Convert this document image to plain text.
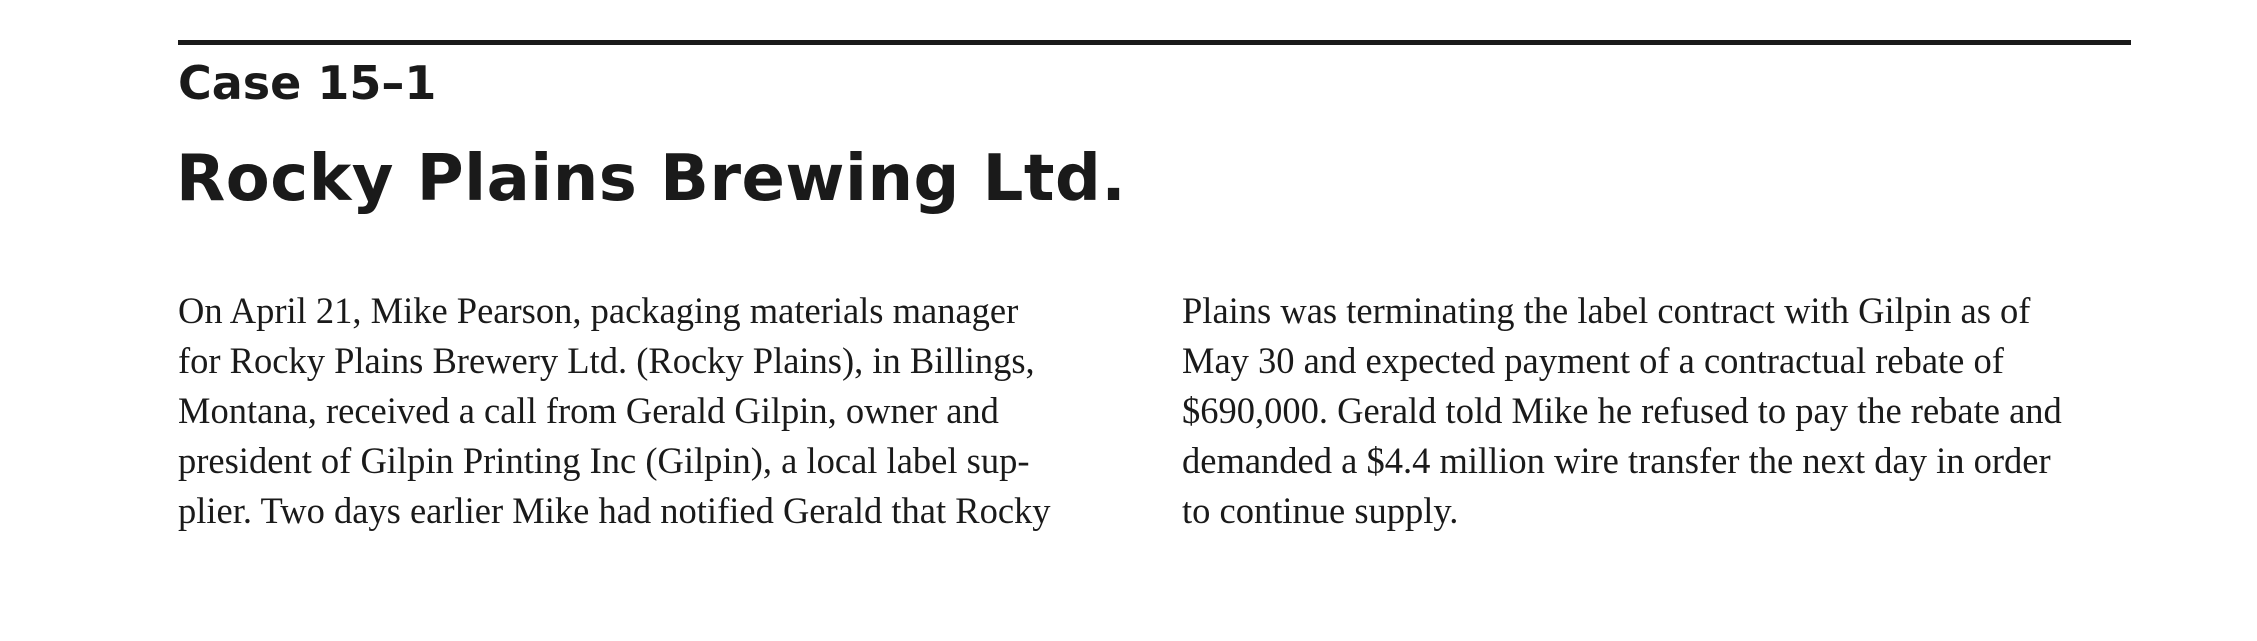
Case 15–1
Rocky Plains Brewing Ltd.
On April 21, Mike Pearson, packaging materials manager
for Rocky Plains Brewery Ltd. (Rocky Plains), in Billings,
Montana, received a call from Gerald Gilpin, owner and
president of Gilpin Printing Inc (Gilpin), a local label sup-
plier. Two days earlier Mike had notified Gerald that Rocky
Plains was terminating the label contract with Gilpin as of
May 30 and expected payment of a contractual rebate of
$690,000. Gerald told Mike he refused to pay the rebate and
demanded a $4.4 million wire transfer the next day in order
to continue supply.
